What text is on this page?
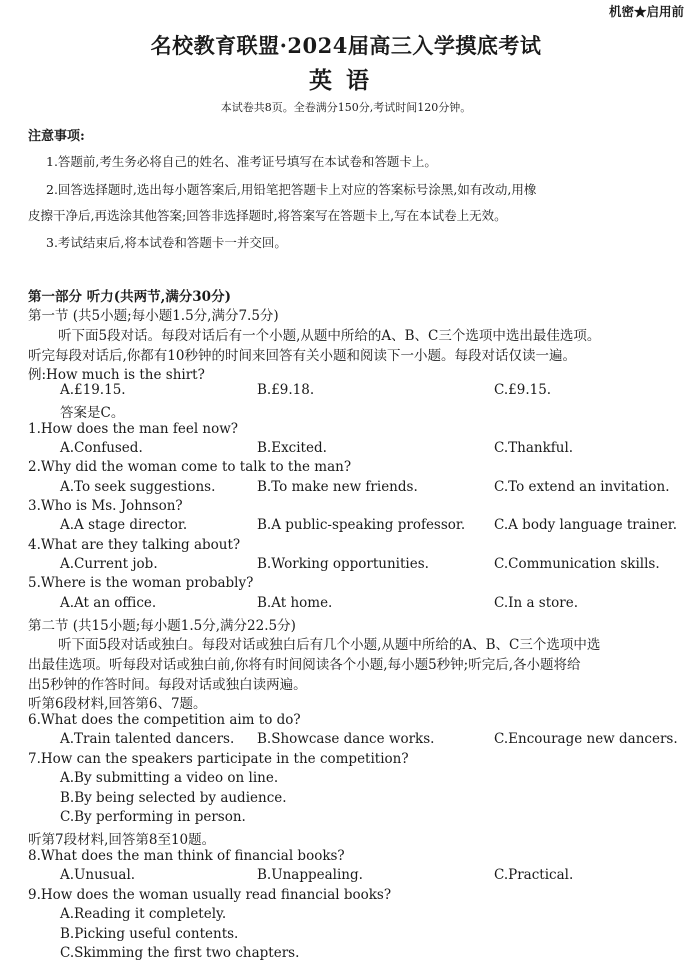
机密★启用前
名校教育联盟·2024届高三入学摸底考试
英语
本试卷共8页。全卷满分150分,考试时间120分钟。
注意事项:
1.答题前,考生务必将自己的姓名、准考证号填写在本试卷和答题卡上。
2.回答选择题时,选出每小题答案后,用铅笔把答题卡上对应的答案标号涂黑,如有改动,用橡
皮擦干净后,再选涂其他答案;回答非选择题时,将答案写在答题卡上,写在本试卷上无效。
3.考试结束后,将本试卷和答题卡一并交回。
第一部分 听力(共两节,满分30分)
第一节 (共5小题;每小题1.5分,满分7.5分)
听下面5段对话。每段对话后有一个小题,从题中所给的A、B、C三个选项中选出最佳选项。
听完每段对话后,你都有10秒钟的时间来回答有关小题和阅读下一小题。每段对话仅读一遍。
例:How much is the shirt?
A.£19.15.	B.£9.18.	C.£9.15.
答案是C。
1.How does the man feel now?
A.Confused.	B.Excited.	C.Thankful.
2.Why did the woman come to talk to the man?
A.To seek suggestions.	B.To make new friends.	C.To extend an invitation.
3.Who is Ms. Johnson?
A.A stage director.	B.A public-speaking professor. C.A body language trainer.
4.What are they talking about?
A.Current job.	B.Working opportunities.	C.Communication skills.
5.Where is the woman probably?
A.At an office.	B.At home.	C.In a store.
第二节 (共15小题;每小题1.5分,满分22.5分)
听下面5段对话或独白。每段对话或独白后有几个小题,从题中所给的A、B、C三个选项中选
出最佳选项。听每段对话或独白前,你将有时间阅读各个小题,每小题5秒钟;听完后,各小题将给
出5秒钟的作答时间。每段对话或独白读两遍。
听第6段材料,回答第6、7题。
6.What does the competition aim to do?
A.Train talented dancers. B.Showcase dance works.	C.Encourage new dancers.
7.How can the speakers participate in the competition?
A.By submitting a video on line.
B.By being selected by audience.
C.By performing in person.
听第7段材料,回答第8至10题。
8.What does the man think of financial books?
A.Unusual.	B.Unappealing.	C.Practical.
9.How does the woman usually read financial books?
A.Reading it completely.
B.Picking useful contents.
C.Skimming the first two chapters.
